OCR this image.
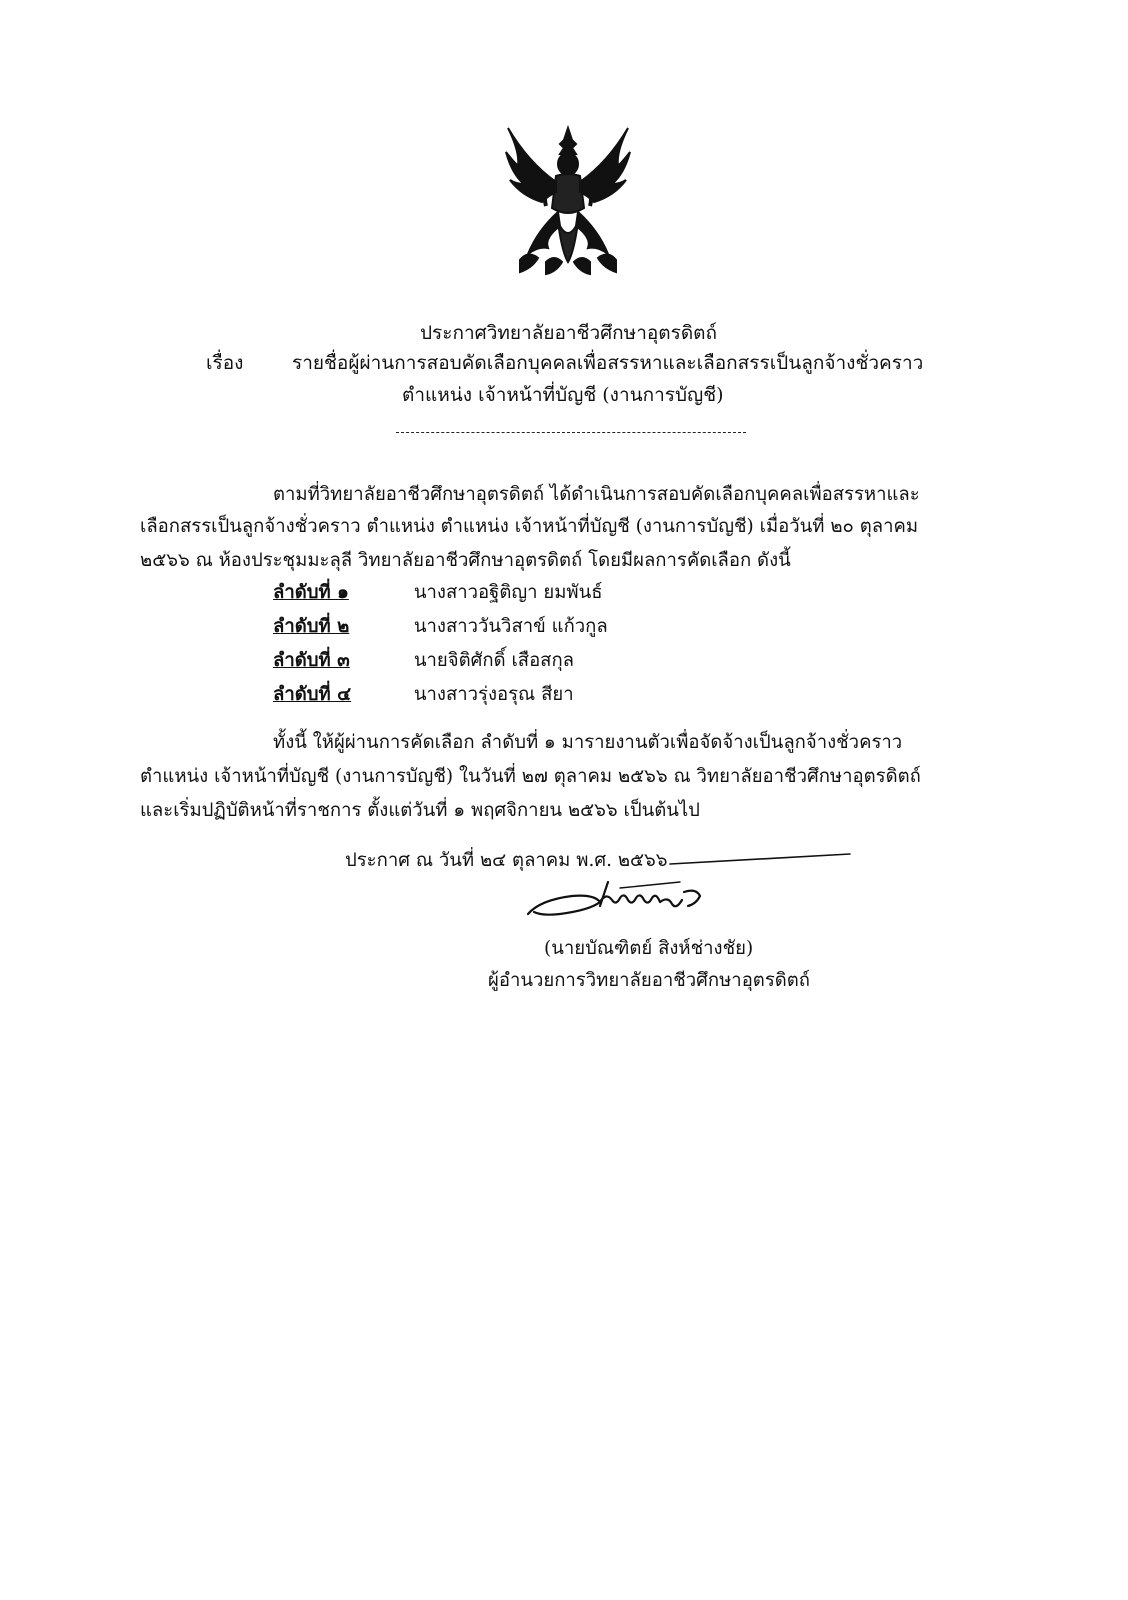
ประกาศวิทยาลัยอาชีวศึกษาอุตรดิตถ์
เรื่อง	รายชื่อผู้ผ่านการสอบคัดเลือกบุคคลเพื่อสรรหาและเลือกสรรเป็นลูกจ้างชั่วคราว
ตำแหน่ง เจ้าหน้าที่บัญชี (งานการบัญชี)
ตามที่วิทยาลัยอาชีวศึกษาอุตรดิตถ์ ได้ดำเนินการสอบคัดเลือกบุคคลเพื่อสรรหาและ
เลือกสรรเป็นลูกจ้างชั่วคราว ตำแหน่ง ตำแหน่ง เจ้าหน้าที่บัญชี (งานการบัญชี) เมื่อวันที่ ๒๐ ตุลาคม
๒๕๖๖ ณ ห้องประชุมมะลุลี วิทยาลัยอาชีวศึกษาอุตรดิตถ์ โดยมีผลการคัดเลือก ดังนี้
ลำดับที่ ๑	นางสาวอฐิติญา ยมพันธ์
ลำดับที่ ๒	นางสาววันวิสาข์ แก้วกูล
ลำดับที่ ๓	นายจิติศักดิ์ เสือสกุล
ลำดับที่ ๔	นางสาวรุ่งอรุณ สียา
ทั้งนี้ ให้ผู้ผ่านการคัดเลือก ลำดับที่ ๑ มารายงานตัวเพื่อจัดจ้างเป็นลูกจ้างชั่วคราว
ตำแหน่ง เจ้าหน้าที่บัญชี (งานการบัญชี) ในวันที่ ๒๗ ตุลาคม ๒๕๖๖ ณ วิทยาลัยอาชีวศึกษาอุตรดิตถ์
และเริ่มปฏิบัติหน้าที่ราชการ ตั้งแต่วันที่ ๑ พฤศจิกายน ๒๕๖๖ เป็นต้นไป
ประกาศ ณ วันที่ ๒๔ ตุลาคม พ.ศ. ๒๕๖๖
(นายบัณฑิตย์ สิงห์ช่างชัย)
ผู้อำนวยการวิทยาลัยอาชีวศึกษาอุตรดิตถ์
